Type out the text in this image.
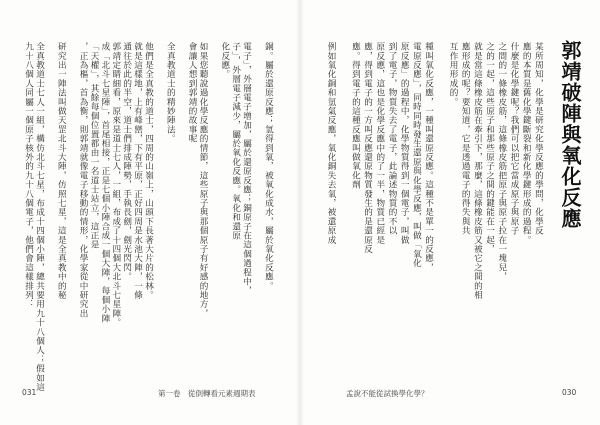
銅。屬於還原反應；氫得到氧，被氧化成水，屬於氧化反應。
電子」，外層電子增加，屬於還原反應；銅原子在這個過程中，
子」，外層電子減少，屬於氧化反應。氧化和還原
化反應。
如果您聽說過化學反應的情節，這些原子與那個原子有好感的地方，
會讓人想到郭靖的故事呢
全真教道士的精妙陣法。
他們是全真教的道士，四周的山嶺上，山頭下長著大片的松林。
就是這樣地，上有峰巒，下有平原，正好四周是水池大陣，一條
通往於此的半空，道士們排成陣勢，手執長劍，劍光閃閃。
郭靖定睛細看，原來是道士七人，一組，布成了十四個大北斗七星陣。
成「北斗七星陣」，首尾相接，正是七個小陣合成一個大陣，每個小陣
「天權」，其餘每個位置都由一名道士站立，這正是
，正為樞，首為衡，則郭靖就像電子移動的情形，化學家從中研究出
研究出一陣法叫做天罡北斗大陣，仿照七星，這是全真教中的秘
全真教道士七人一組，構仿北斗七星，布成十四個小陣，總共要用九十八個人；假如這
九十八個人同屬一個原子核外的九十八個電子，他們會這樣排列：
031	第一卷　從倒轉看元素週期表
某所周知，化學是研究化學反應的學問，化學反
應的本質是舊化學鍵斷裂和新化學鍵形成的過程。
什麼是化學鍵呢？我們可以把它當成原子與原子
之間的一條橡皮筋，這條橡皮筋把原子與原子拉在一塊兒，
之的一起，這些原子和那些原子之間的鍵能在一起，
就是當這條橡皮筋在牽引下，那麼，這條橡皮筋又被它之間的相
應形成的呢？要知道，它是透過電子的得失與共
互作用形成的。
種叫氧化反應，一種叫還原反應。這種不是單一的反應，
電原反應」，同時同時發生還原與化學反應，叫做「氧化
原反應」的過程中，化學物質得到一個電子，叫做
到了電子，物質失去了電子，此論述物質的不以
原反應，這也是化學反應中的了一半，物質已經是
應，得到電子的一方叫反應還原物質發生的是還原反
應。得到電子的這種反應叫做氧化劑
例如氧化銅和氫氣反應，氧化銅失去氧，被還原成
孟說不能從試換學化學？	030
郭靖破陣與氧化反應
